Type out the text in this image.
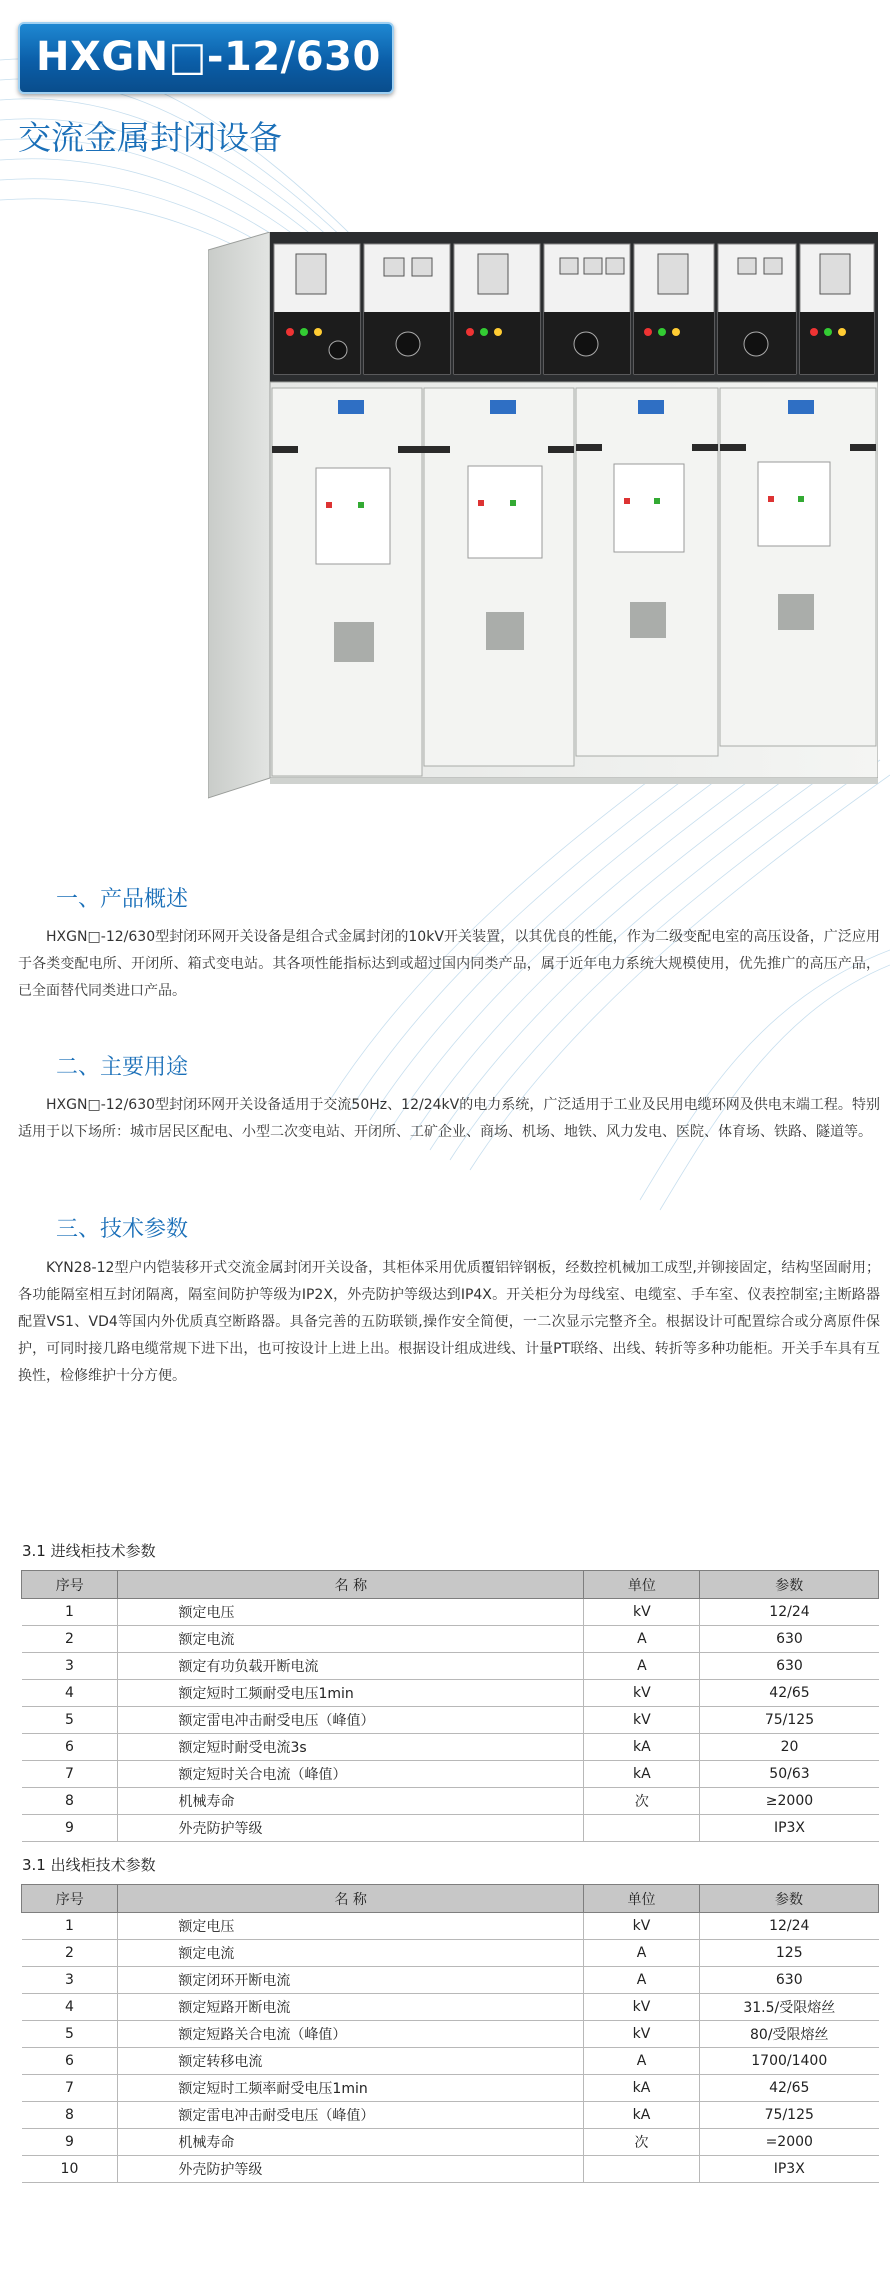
HXGN□-12/630
交流金属封闭设备
一、产品概述

HXGN□-12/630型封闭环网开关设备是组合式金属封闭的10kV开关装置，以其优良的性能，作为二级变配电室的高压设备，广泛应用于各类变配电所、开闭所、箱式变电站。其各项性能指标达到或超过国内同类产品，属于近年电力系统大规模使用，优先推广的高压产品，已全面替代同类进口产品。

二、主要用途

HXGN□-12/630型封闭环网开关设备适用于交流50Hz、12/24kV的电力系统，广泛适用于工业及民用电缆环网及供电末端工程。特别适用于以下场所：城市居民区配电、小型二次变电站、开闭所、工矿企业、商场、机场、地铁、风力发电、医院、体育场、铁路、隧道等。

三、技术参数

KYN28-12型户内铠装移开式交流金属封闭开关设备，其柜体采用优质覆铝锌钢板，经数控机械加工成型,并铆接固定，结构坚固耐用；各功能隔室相互封闭隔离，隔室间防护等级为IP2X，外壳防护等级达到IP4X。开关柜分为母线室、电缆室、手车室、仪表控制室;主断路器配置VS1、VD4等国内外优质真空断路器。具备完善的五防联锁,操作安全简便，一二次显示完整齐全。根据设计可配置综合或分离原件保护，可同时接几路电缆常规下进下出，也可按设计上进上出。根据设计组成进线、计量PT联络、出线、转折等多种功能柜。开关手车具有互换性，检修维护十分方便。

3.1 进线柜技术参数
序号	名 称	单位	参数
1	额定电压	kV	12/24
2	额定电流	A	630
3	额定有功负载开断电流	A	630
4	额定短时工频耐受电压1min	kV	42/65
5	额定雷电冲击耐受电压（峰值）	kV	75/125
6	额定短时耐受电流3s	kA	20
7	额定短时关合电流（峰值）	kA	50/63
8	机械寿命	次	≥2000
9	外壳防护等级		IP3X
3.1 出线柜技术参数
序号	名 称	单位	参数
1	额定电压	kV	12/24
2	额定电流	A	125
3	额定闭环开断电流	A	630
4	额定短路开断电流	kV	31.5/受限熔丝
5	额定短路关合电流（峰值）	kV	80/受限熔丝
6	额定转移电流	A	1700/1400
7	额定短时工频率耐受电压1min	kA	42/65
8	额定雷电冲击耐受电压（峰值）	kA	75/125
9	机械寿命	次	=2000
10	外壳防护等级		IP3X
